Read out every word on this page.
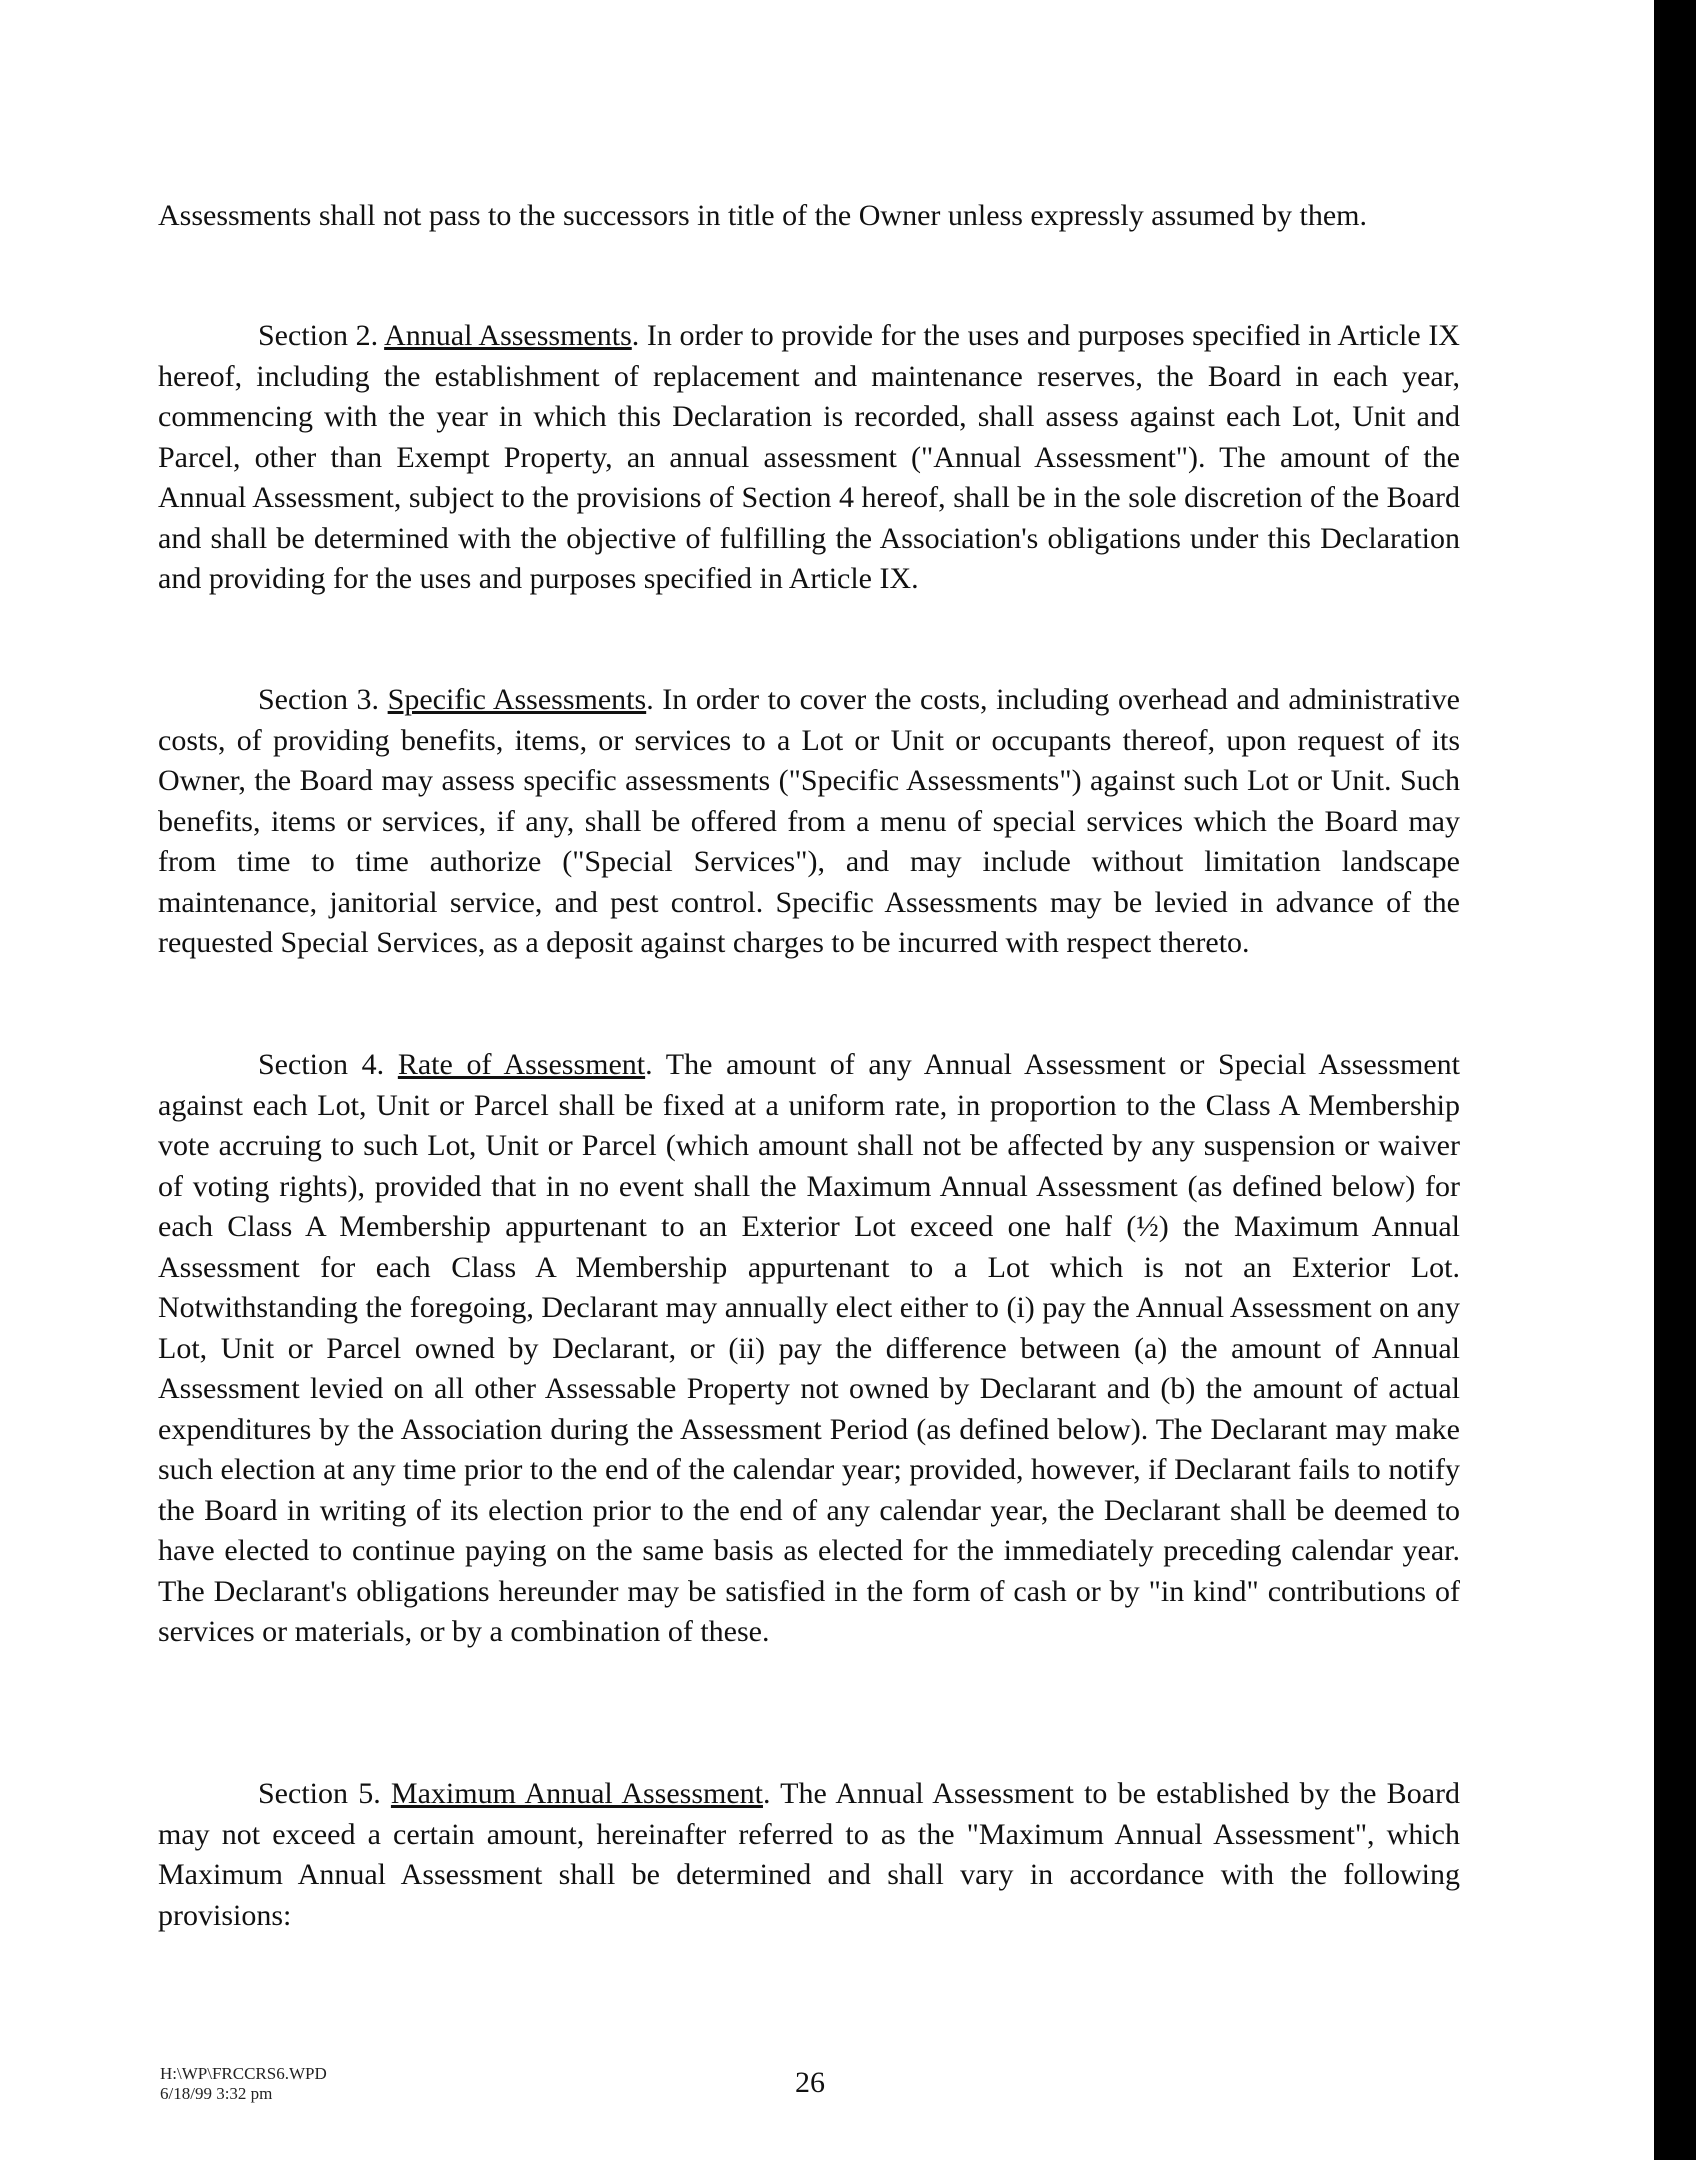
Assessments shall not pass to the successors in title of the Owner unless expressly assumed by them.

Section 2. Annual Assessments. In order to provide for the uses and purposes specified in Article IX hereof, including the establishment of replacement and maintenance reserves, the Board in each year, commencing with the year in which this Declaration is recorded, shall assess against each Lot, Unit and Parcel, other than Exempt Property, an annual assessment ("Annual Assessment"). The amount of the Annual Assessment, subject to the provisions of Section 4 hereof, shall be in the sole discretion of the Board and shall be determined with the objective of fulfilling the Association's obligations under this Declaration and providing for the uses and purposes specified in Article IX.

Section 3. Specific Assessments. In order to cover the costs, including overhead and administrative costs, of providing benefits, items, or services to a Lot or Unit or occupants thereof, upon request of its Owner, the Board may assess specific assessments ("Specific Assessments") against such Lot or Unit. Such benefits, items or services, if any, shall be offered from a menu of special services which the Board may from time to time authorize ("Special Services"), and may include without limitation landscape maintenance, janitorial service, and pest control. Specific Assessments may be levied in advance of the requested Special Services, as a deposit against charges to be incurred with respect thereto.

Section 4. Rate of Assessment. The amount of any Annual Assessment or Special Assessment against each Lot, Unit or Parcel shall be fixed at a uniform rate, in proportion to the Class A Membership vote accruing to such Lot, Unit or Parcel (which amount shall not be affected by any suspension or waiver of voting rights), provided that in no event shall the Maximum Annual Assessment (as defined below) for each Class A Membership appurtenant to an Exterior Lot exceed one half (½) the Maximum Annual Assessment for each Class A Membership appurtenant to a Lot which is not an Exterior Lot. Notwithstanding the foregoing, Declarant may annually elect either to (i) pay the Annual Assessment on any Lot, Unit or Parcel owned by Declarant, or (ii) pay the difference between (a) the amount of Annual Assessment levied on all other Assessable Property not owned by Declarant and (b) the amount of actual expenditures by the Association during the Assessment Period (as defined below). The Declarant may make such election at any time prior to the end of the calendar year; provided, however, if Declarant fails to notify the Board in writing of its election prior to the end of any calendar year, the Declarant shall be deemed to have elected to continue paying on the same basis as elected for the immediately preceding calendar year. The Declarant's obligations hereunder may be satisfied in the form of cash or by "in kind" contributions of services or materials, or by a combination of these.

Section 5. Maximum Annual Assessment. The Annual Assessment to be established by the Board may not exceed a certain amount, hereinafter referred to as the "Maximum Annual Assessment", which Maximum Annual Assessment shall be determined and shall vary in accordance with the following provisions:

H:\WP\FRCCRS6.WPD
6/18/99 3:32 pm	26
